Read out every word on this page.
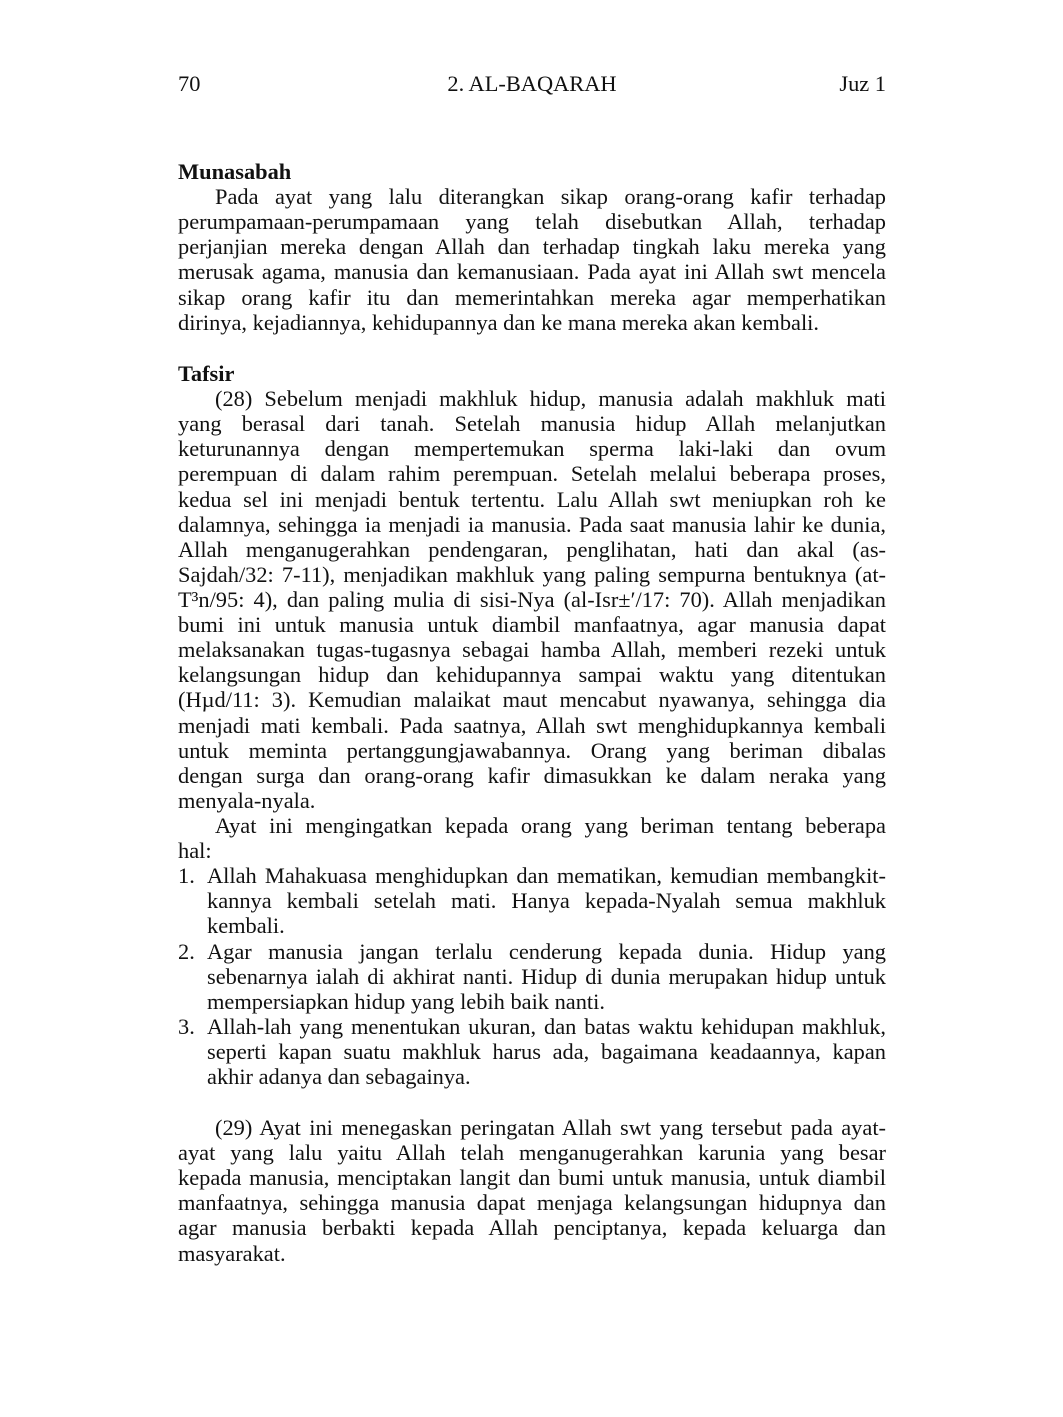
2. AL-BAQARAH
70	Juz 1
Munasabah
Pada ayat yang lalu diterangkan sikap orang-orang kafir terhadap
perumpamaan-perumpamaan yang telah disebutkan Allah, terhadap
perjanjian mereka dengan Allah dan terhadap tingkah laku mereka yang
merusak agama, manusia dan kemanusiaan. Pada ayat ini Allah swt mencela
sikap orang kafir itu dan memerintahkan mereka agar memperhatikan
dirinya, kejadiannya, kehidupannya dan ke mana mereka akan kembali.
Tafsir
(28) Sebelum menjadi makhluk hidup, manusia adalah makhluk mati
yang berasal dari tanah. Setelah manusia hidup Allah melanjutkan
keturunannya dengan mempertemukan sperma laki-laki dan ovum
perempuan di dalam rahim perempuan. Setelah melalui beberapa proses,
kedua sel ini menjadi bentuk tertentu. Lalu Allah swt meniupkan roh ke
dalamnya, sehingga ia menjadi ia manusia. Pada saat manusia lahir ke dunia,
Allah menganugerahkan pendengaran, penglihatan, hati dan akal (as-
Sajdah/32: 7-11), menjadikan makhluk yang paling sempurna bentuknya (at-
T³n/95: 4), dan paling mulia di sisi-Nya (al-Isr±′/17: 70). Allah menjadikan
bumi ini untuk manusia untuk diambil manfaatnya, agar manusia dapat
melaksanakan tugas-tugasnya sebagai hamba Allah, memberi rezeki untuk
kelangsungan hidup dan kehidupannya sampai waktu yang ditentukan
(Hµd/11: 3). Kemudian malaikat maut mencabut nyawanya, sehingga dia
menjadi mati kembali. Pada saatnya, Allah swt menghidupkannya kembali
untuk meminta pertanggungjawabannya. Orang yang beriman dibalas
dengan surga dan orang-orang kafir dimasukkan ke dalam neraka yang
menyala-nyala.
Ayat ini mengingatkan kepada orang yang beriman tentang beberapa
hal:
1. Allah Mahakuasa menghidupkan dan mematikan, kemudian membangkit-
kannya kembali setelah mati. Hanya kepada-Nyalah semua makhluk
kembali.
2. Agar manusia jangan terlalu cenderung kepada dunia. Hidup yang
sebenarnya ialah di akhirat nanti. Hidup di dunia merupakan hidup untuk
mempersiapkan hidup yang lebih baik nanti.
3. Allah-lah yang menentukan ukuran, dan batas waktu kehidupan makhluk,
seperti kapan suatu makhluk harus ada, bagaimana keadaannya, kapan
akhir adanya dan sebagainya.
(29) Ayat ini menegaskan peringatan Allah swt yang tersebut pada ayat-
ayat yang lalu yaitu Allah telah menganugerahkan karunia yang besar
kepada manusia, menciptakan langit dan bumi untuk manusia, untuk diambil
manfaatnya, sehingga manusia dapat menjaga kelangsungan hidupnya dan
agar manusia berbakti kepada Allah penciptanya, kepada keluarga dan
masyarakat.
